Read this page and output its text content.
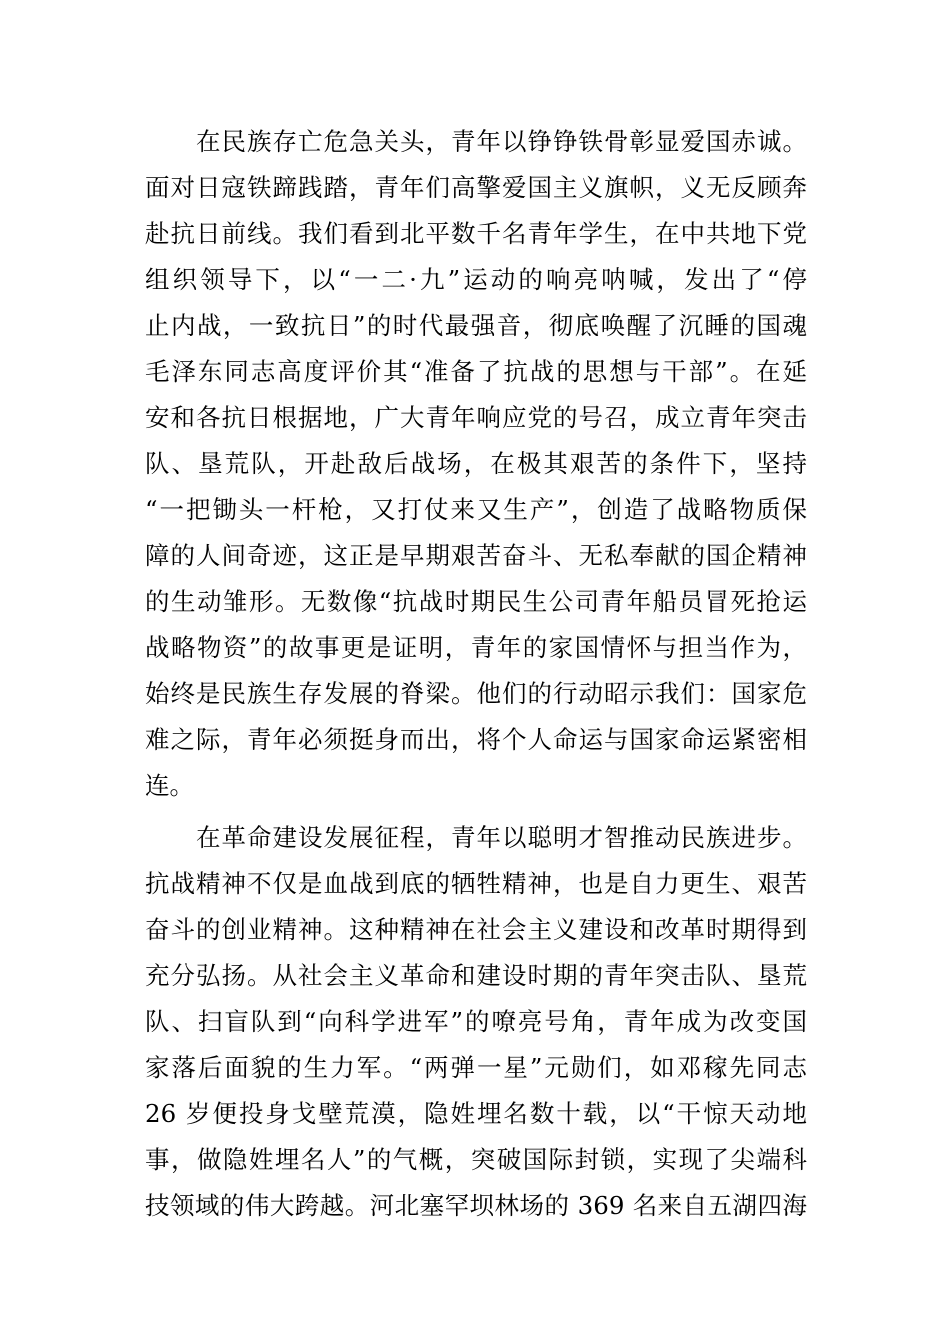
　　在民族存亡危急关头，青年以铮铮铁骨彰显爱国赤诚。
面对日寇铁蹄践踏，青年们高擎爱国主义旗帜，义无反顾奔
赴抗日前线。我们看到北平数千名青年学生，在中共地下党
组织领导下，以“一二·九”运动的响亮呐喊，发出了“停
止内战，一致抗日”的时代最强音，彻底唤醒了沉睡的国魂
毛泽东同志高度评价其“准备了抗战的思想与干部”。在延
安和各抗日根据地，广大青年响应党的号召，成立青年突击
队、垦荒队，开赴敌后战场，在极其艰苦的条件下，坚持
“一把锄头一杆枪，又打仗来又生产”，创造了战略物质保
障的人间奇迹，这正是早期艰苦奋斗、无私奉献的国企精神
的生动雏形。无数像“抗战时期民生公司青年船员冒死抢运
战略物资”的故事更是证明，青年的家国情怀与担当作为，
始终是民族生存发展的脊梁。他们的行动昭示我们：国家危
难之际，青年必须挺身而出，将个人命运与国家命运紧密相
连。
　　在革命建设发展征程，青年以聪明才智推动民族进步。
抗战精神不仅是血战到底的牺牲精神，也是自力更生、艰苦
奋斗的创业精神。这种精神在社会主义建设和改革时期得到
充分弘扬。从社会主义革命和建设时期的青年突击队、垦荒
队、扫盲队到“向科学进军”的嘹亮号角，青年成为改变国
家落后面貌的生力军。“两弹一星”元勋们，如邓稼先同志
26 岁便投身戈壁荒漠，隐姓埋名数十载，以“干惊天动地
事，做隐姓埋名人”的气概，突破国际封锁，实现了尖端科
技领域的伟大跨越。河北塞罕坝林场的 369 名来自五湖四海
